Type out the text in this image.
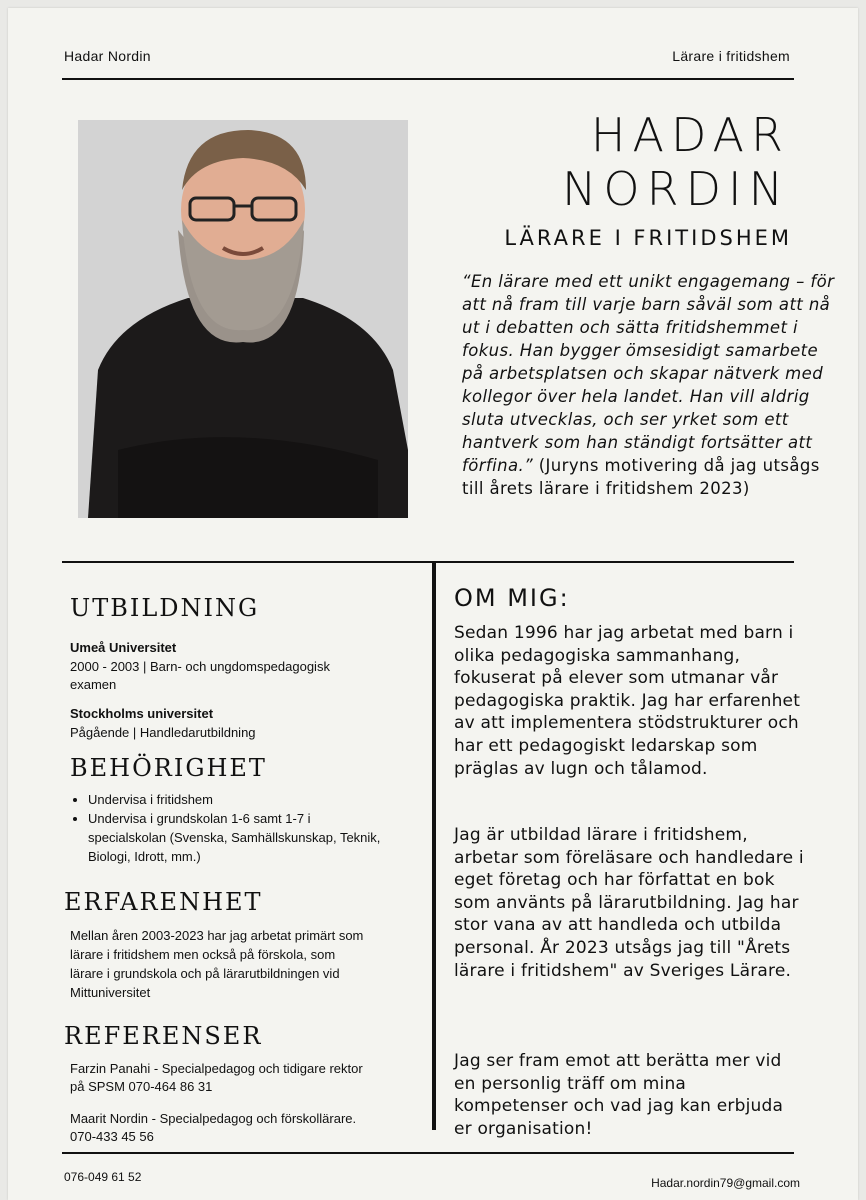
Hadar Nordin	Lärare i fritidshem
HADAR
NORDIN
LÄRARE I FRITIDSHEM
“En lärare med ett unikt engagemang – för att nå fram till varje barn såväl som att nå ut i debatten och sätta fritidshemmet i fokus. Han bygger ömsesidigt samarbete på arbetsplatsen och skapar nätverk med kollegor över hela landet. Han vill aldrig sluta utvecklas, och ser yrket som ett hantverk som han ständigt fortsätter att förfina.” (Juryns motivering då jag utsågs till årets lärare i fritidshem 2023)
UTBILDNING
Umeå Universitet
2000 - 2003 | Barn- och ungdomspedagogisk examen
Stockholms universitet
Pågående | Handledarutbildning
BEHÖRIGHET
• Undervisa i fritidshem
• Undervisa i grundskolan 1-6 samt 1-7 i specialskolan (Svenska, Samhällskunskap, Teknik, Biologi, Idrott, mm.)
ERFARENHET
Mellan åren 2003-2023 har jag arbetat primärt som lärare i fritidshem men också på förskola, som lärare i grundskola och på lärarutbildningen vid Mittuniversitet
REFERENSER
Farzin Panahi - Specialpedagog och tidigare rektor på SPSM 070-464 86 31
Maarit Nordin - Specialpedagog och förskollärare. 070-433 45 56
OM MIG:
Sedan 1996 har jag arbetat med barn i olika pedagogiska sammanhang, fokuserat på elever som utmanar vår pedagogiska praktik. Jag har erfarenhet av att implementera stödstrukturer och har ett pedagogiskt ledarskap som präglas av lugn och tålamod.
Jag är utbildad lärare i fritidshem, arbetar som föreläsare och handledare i eget företag och har författat en bok som använts på lärarutbildning. Jag har stor vana av att handleda och utbilda personal. År 2023 utsågs jag till "Årets lärare i fritidshem" av Sveriges Lärare.
Jag ser fram emot att berätta mer vid en personlig träff om mina kompetenser och vad jag kan erbjuda er organisation!
076-049 61 52	Hadar.nordin79@gmail.com
